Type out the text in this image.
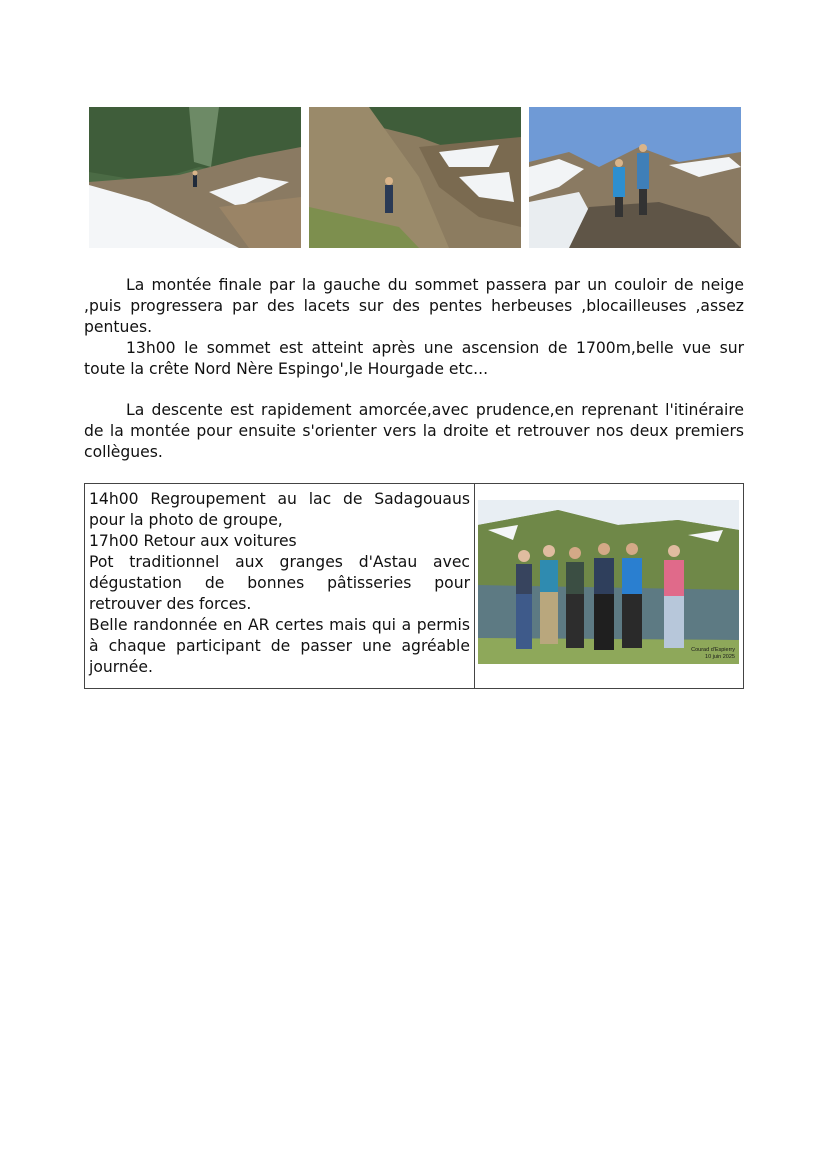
La montée finale par la gauche du sommet passera par un couloir de neige ,puis progressera par des lacets sur des pentes herbeuses ,blocailleuses ,assez pentues.

13h00 le sommet est atteint après une ascension de 1700m,belle vue sur toute la crête Nord Nère Espingo',le Hourgade etc...

La descente est rapidement amorcée,avec prudence,en reprenant l'itinéraire de la montée pour ensuite s'orienter vers la droite et retrouver nos deux premiers collègues.

14h00 Regroupement au lac de Sadagouaus pour la photo de groupe,
17h00 Retour aux voitures
Pot traditionnel aux granges d'Astau avec dégustation de bonnes pâtisseries pour retrouver des forces.
Belle randonnée en AR certes mais qui a permis à chaque participant de passer une agréable journée.
Courad d'Espierry
10 juin 2025
